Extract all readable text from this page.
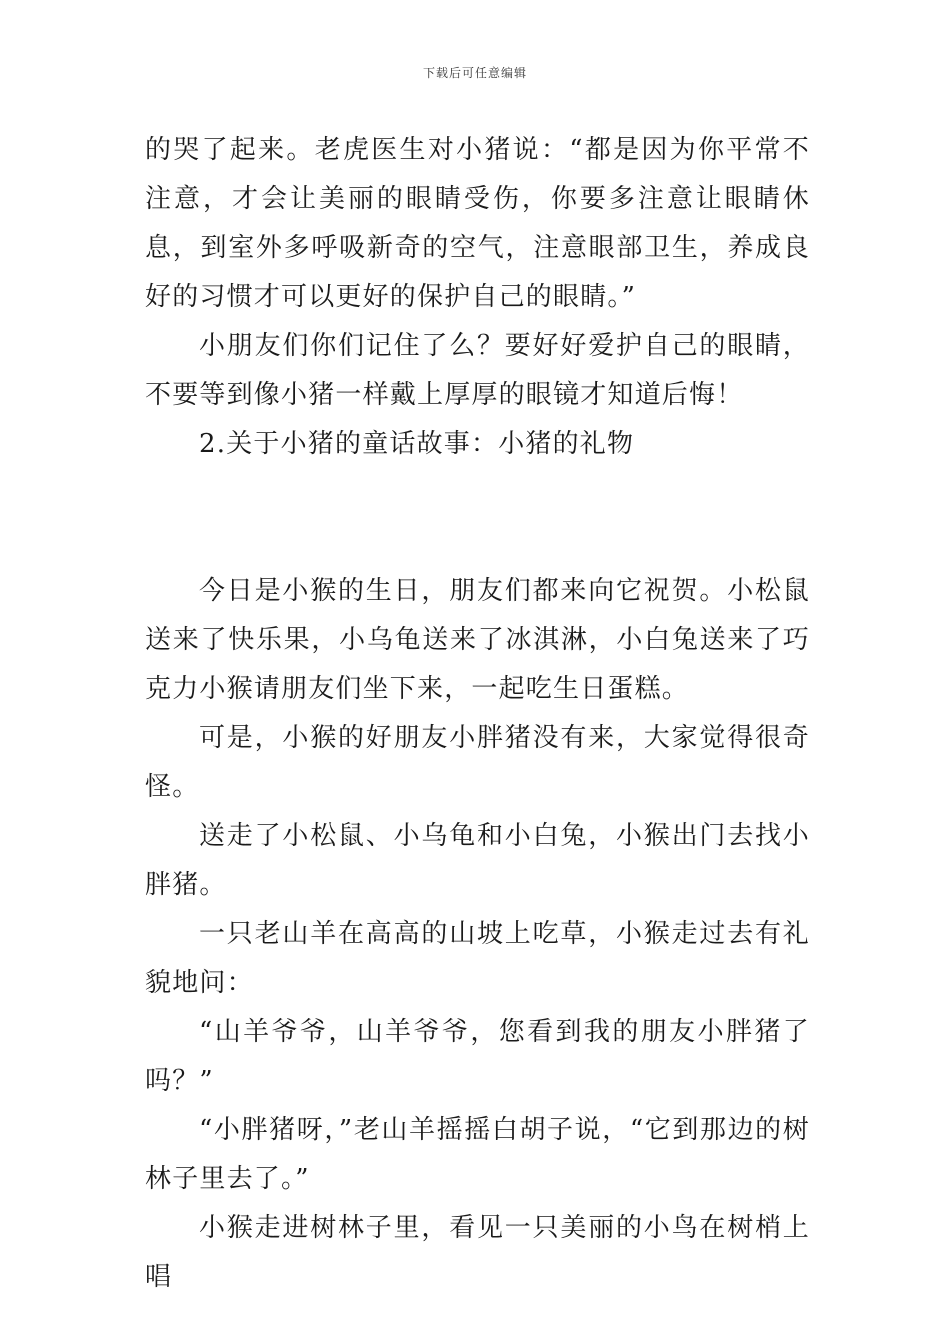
下载后可任意编辑

的哭了起来。老虎医生对小猪说：“都是因为你平常不注意，才会让美丽的眼睛受伤，你要多注意让眼睛休息，到室外多呼吸新奇的空气，注意眼部卫生，养成良好的习惯才可以更好的保护自己的眼睛。”

小朋友们你们记住了么？要好好爱护自己的眼睛，不要等到像小猪一样戴上厚厚的眼镜才知道后悔！

2.关于小猪的童话故事：小猪的礼物

今日是小猴的生日，朋友们都来向它祝贺。小松鼠送来了快乐果，小乌龟送来了冰淇淋，小白兔送来了巧克力小猴请朋友们坐下来，一起吃生日蛋糕。

可是，小猴的好朋友小胖猪没有来，大家觉得很奇怪。

送走了小松鼠、小乌龟和小白兔，小猴出门去找小胖猪。

一只老山羊在高高的山坡上吃草，小猴走过去有礼貌地问：

“山羊爷爷，山羊爷爷，您看到我的朋友小胖猪了吗？”

“小胖猪呀，”老山羊摇摇白胡子说，“它到那边的树林子里去了。”

小猴走进树林子里，看见一只美丽的小鸟在树梢上唱
